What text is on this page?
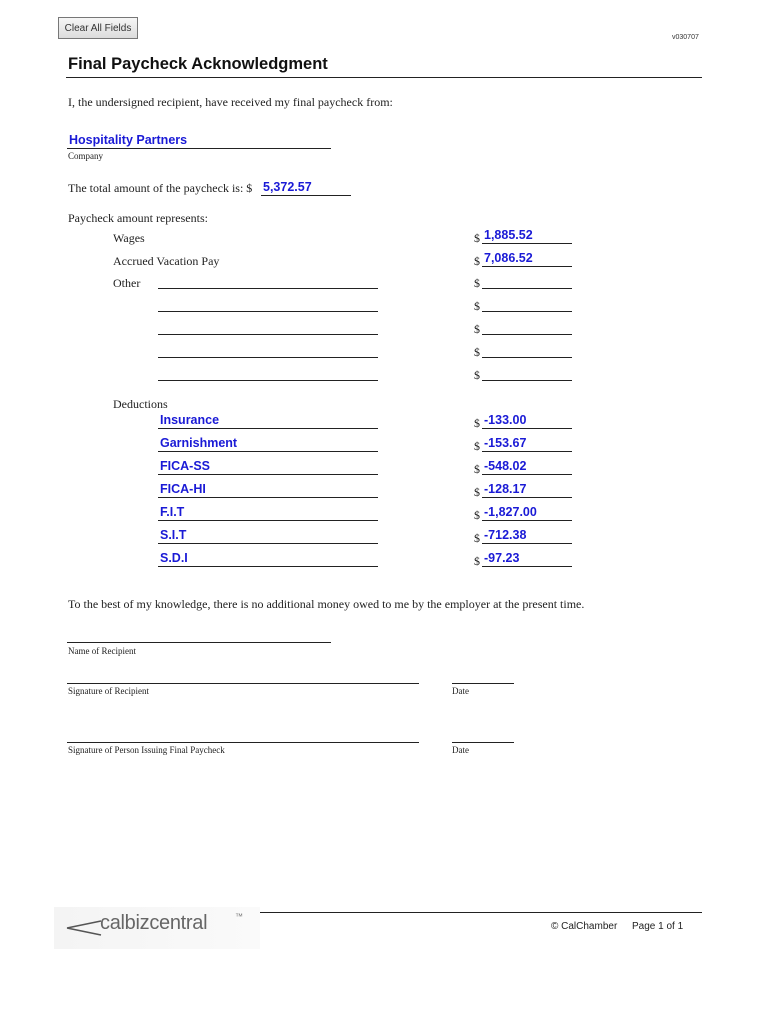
Clear All Fields
v030707
Final Paycheck Acknowledgment
I, the undersigned recipient, have received my final paycheck from:
Hospitality Partners
Company
The total amount of the paycheck is: $ 5,372.57
Paycheck amount represents:
Wages	$ 1,885.52
Accrued Vacation Pay	$ 7,086.52
Other	$
$
$
$
$
Deductions
Insurance	$ -133.00
Garnishment	$ -153.67
FICA-SS	$ -548.02
FICA-HI	$ -128.17
F.I.T	$ -1,827.00
S.I.T	$ -712.38
S.D.I	$ -97.23
To the best of my knowledge, there is no additional money owed to me by the employer at the present time.
Name of Recipient
Signature of Recipient	Date
Signature of Person Issuing Final Paycheck	Date
calbizcentral	™
© CalChamber Page 1 of 1
